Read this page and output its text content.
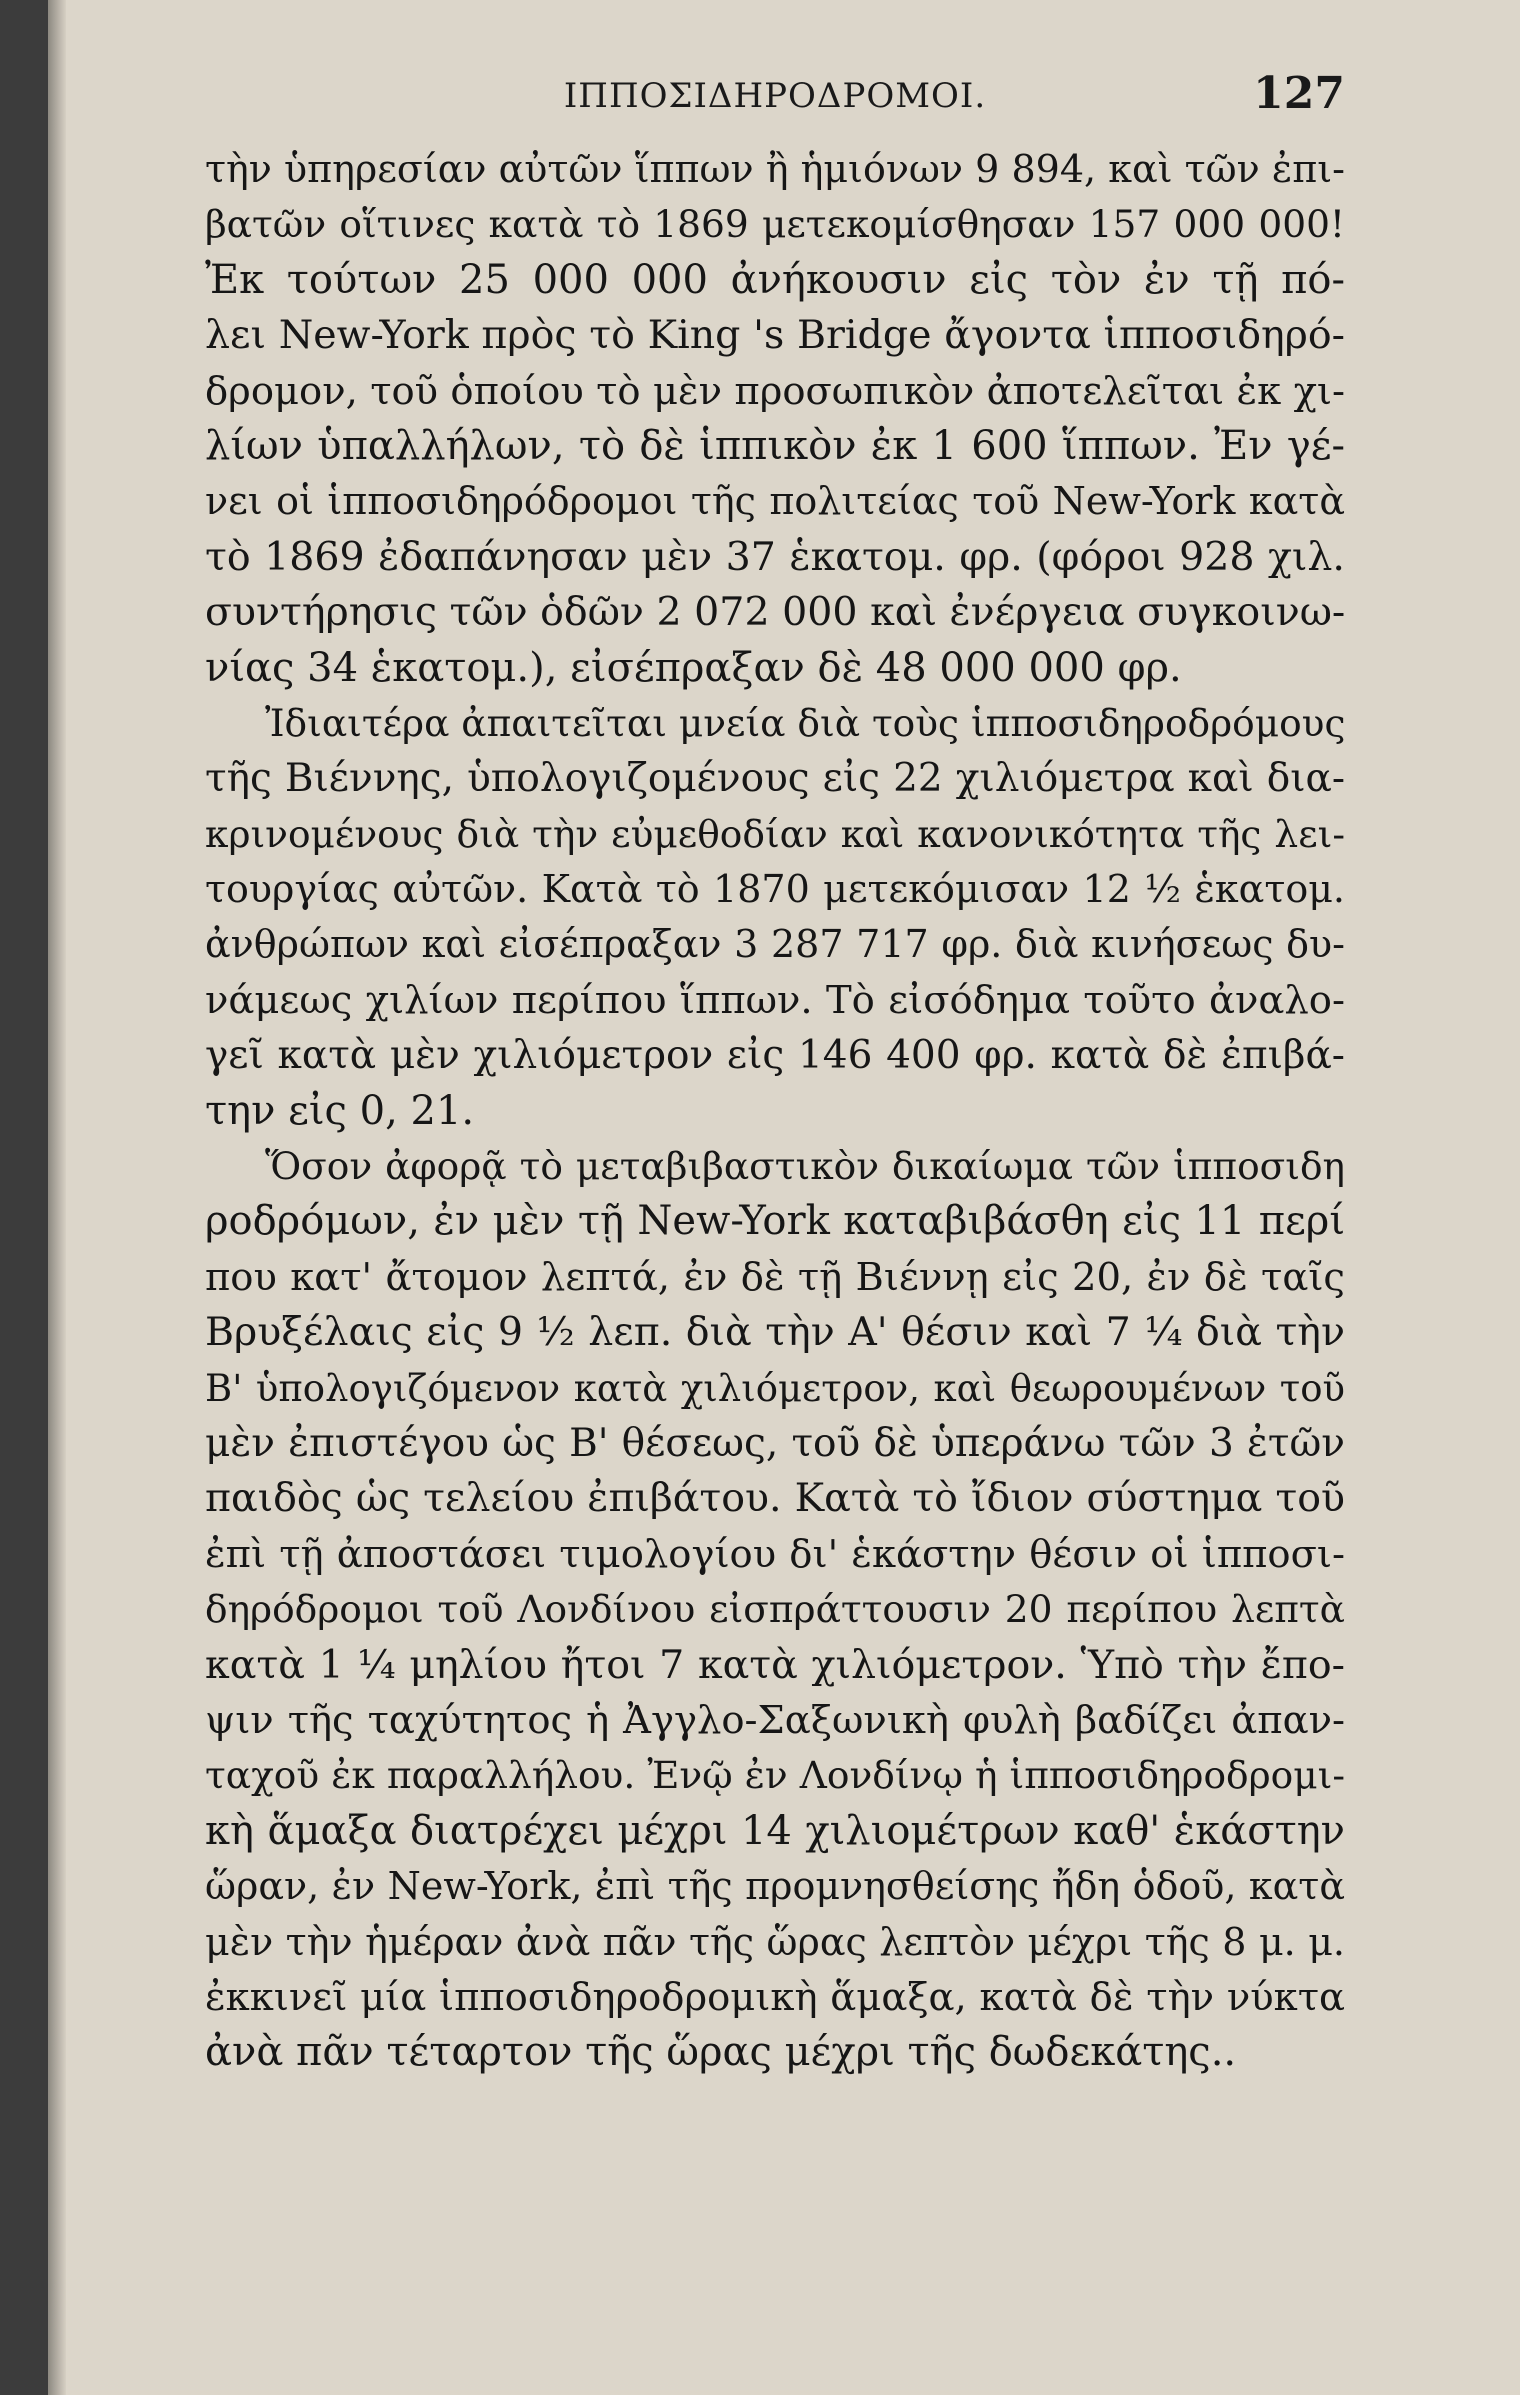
ΙΠΠΟΣΙΔΗΡΟΔΡΟΜΟΙ.	127
τὴν ὑπηρεσίαν αὐτῶν ἵππων ἢ ἡμιόνων 9 894, καὶ τῶν ἐπι-
βατῶν οἵτινες κατὰ τὸ 1869 μετεκομίσθησαν 157 000 000!
Ἐκ τούτων 25 000 000 ἀνήκουσιν εἰς τὸν ἐν τῇ πό-
λει New-York πρὸς τὸ King 's Bridge ἄγοντα ἱπποσιδηρό-
δρομον, τοῦ ὁποίου τὸ μὲν προσωπικὸν ἀποτελεῖται ἐκ χι-
λίων ὑπαλλήλων, τὸ δὲ ἱππικὸν ἐκ 1 600 ἵππων. Ἐν γέ-
νει οἱ ἱπποσιδηρόδρομοι τῆς πολιτείας τοῦ New-York κατὰ
τὸ 1869 ἐδαπάνησαν μὲν 37 ἑκατομ. φρ. (φόροι 928 χιλ.
συντήρησις τῶν ὁδῶν 2 072 000 καὶ ἐνέργεια συγκοινω-
νίας 34 ἑκατομ.), εἰσέπραξαν δὲ 48 000 000 φρ.
Ἰδιαιτέρα ἀπαιτεῖται μνεία διὰ τοὺς ἱπποσιδηροδρόμους
τῆς Βιέννης, ὑπολογιζομένους εἰς 22 χιλιόμετρα καὶ δια-
κρινομένους διὰ τὴν εὐμεθοδίαν καὶ κανονικότητα τῆς λει-
τουργίας αὐτῶν. Κατὰ τὸ 1870 μετεκόμισαν 12 ½ ἑκατομ.
ἀνθρώπων καὶ εἰσέπραξαν 3 287 717 φρ. διὰ κινήσεως δυ-
νάμεως χιλίων περίπου ἵππων. Τὸ εἰσόδημα τοῦτο ἀναλο-
γεῖ κατὰ μὲν χιλιόμετρον εἰς 146 400 φρ. κατὰ δὲ ἐπιβά-
την εἰς 0, 21.
Ὅσον ἀφορᾷ τὸ μεταβιβαστικὸν δικαίωμα τῶν ἱπποσιδη
ροδρόμων, ἐν μὲν τῇ New-York καταβιβάσθη εἰς 11 περί
που κατ' ἄτομον λεπτά, ἐν δὲ τῇ Βιέννῃ εἰς 20, ἐν δὲ ταῖς
Βρυξέλαις εἰς 9 ½ λεπ. διὰ τὴν Α' θέσιν καὶ 7 ¼ διὰ τὴν
Β' ὑπολογιζόμενον κατὰ χιλιόμετρον, καὶ θεωρουμένων τοῦ
μὲν ἐπιστέγου ὡς Β' θέσεως, τοῦ δὲ ὑπεράνω τῶν 3 ἐτῶν
παιδὸς ὡς τελείου ἐπιβάτου. Κατὰ τὸ ἴδιον σύστημα τοῦ
ἐπὶ τῇ ἀποστάσει τιμολογίου δι' ἑκάστην θέσιν οἱ ἱπποσι-
δηρόδρομοι τοῦ Λονδίνου εἰσπράττουσιν 20 περίπου λεπτὰ
κατὰ 1 ¼ μηλίου ἤτοι 7 κατὰ χιλιόμετρον. Ὑπὸ τὴν ἔπο-
ψιν τῆς ταχύτητος ἡ Ἀγγλο-Σαξωνικὴ φυλὴ βαδίζει ἀπαν-
ταχοῦ ἐκ παραλλήλου. Ἐνῷ ἐν Λονδίνῳ ἡ ἱπποσιδηροδρομι-
κὴ ἅμαξα διατρέχει μέχρι 14 χιλιομέτρων καθ' ἑκάστην
ὥραν, ἐν New-York, ἐπὶ τῆς προμνησθείσης ἤδη ὁδοῦ, κατὰ
μὲν τὴν ἡμέραν ἀνὰ πᾶν τῆς ὥρας λεπτὸν μέχρι τῆς 8 μ. μ.
ἐκκινεῖ μία ἱπποσιδηροδρομικὴ ἅμαξα, κατὰ δὲ τὴν νύκτα
ἀνὰ πᾶν τέταρτον τῆς ὥρας μέχρι τῆς δωδεκάτης..
